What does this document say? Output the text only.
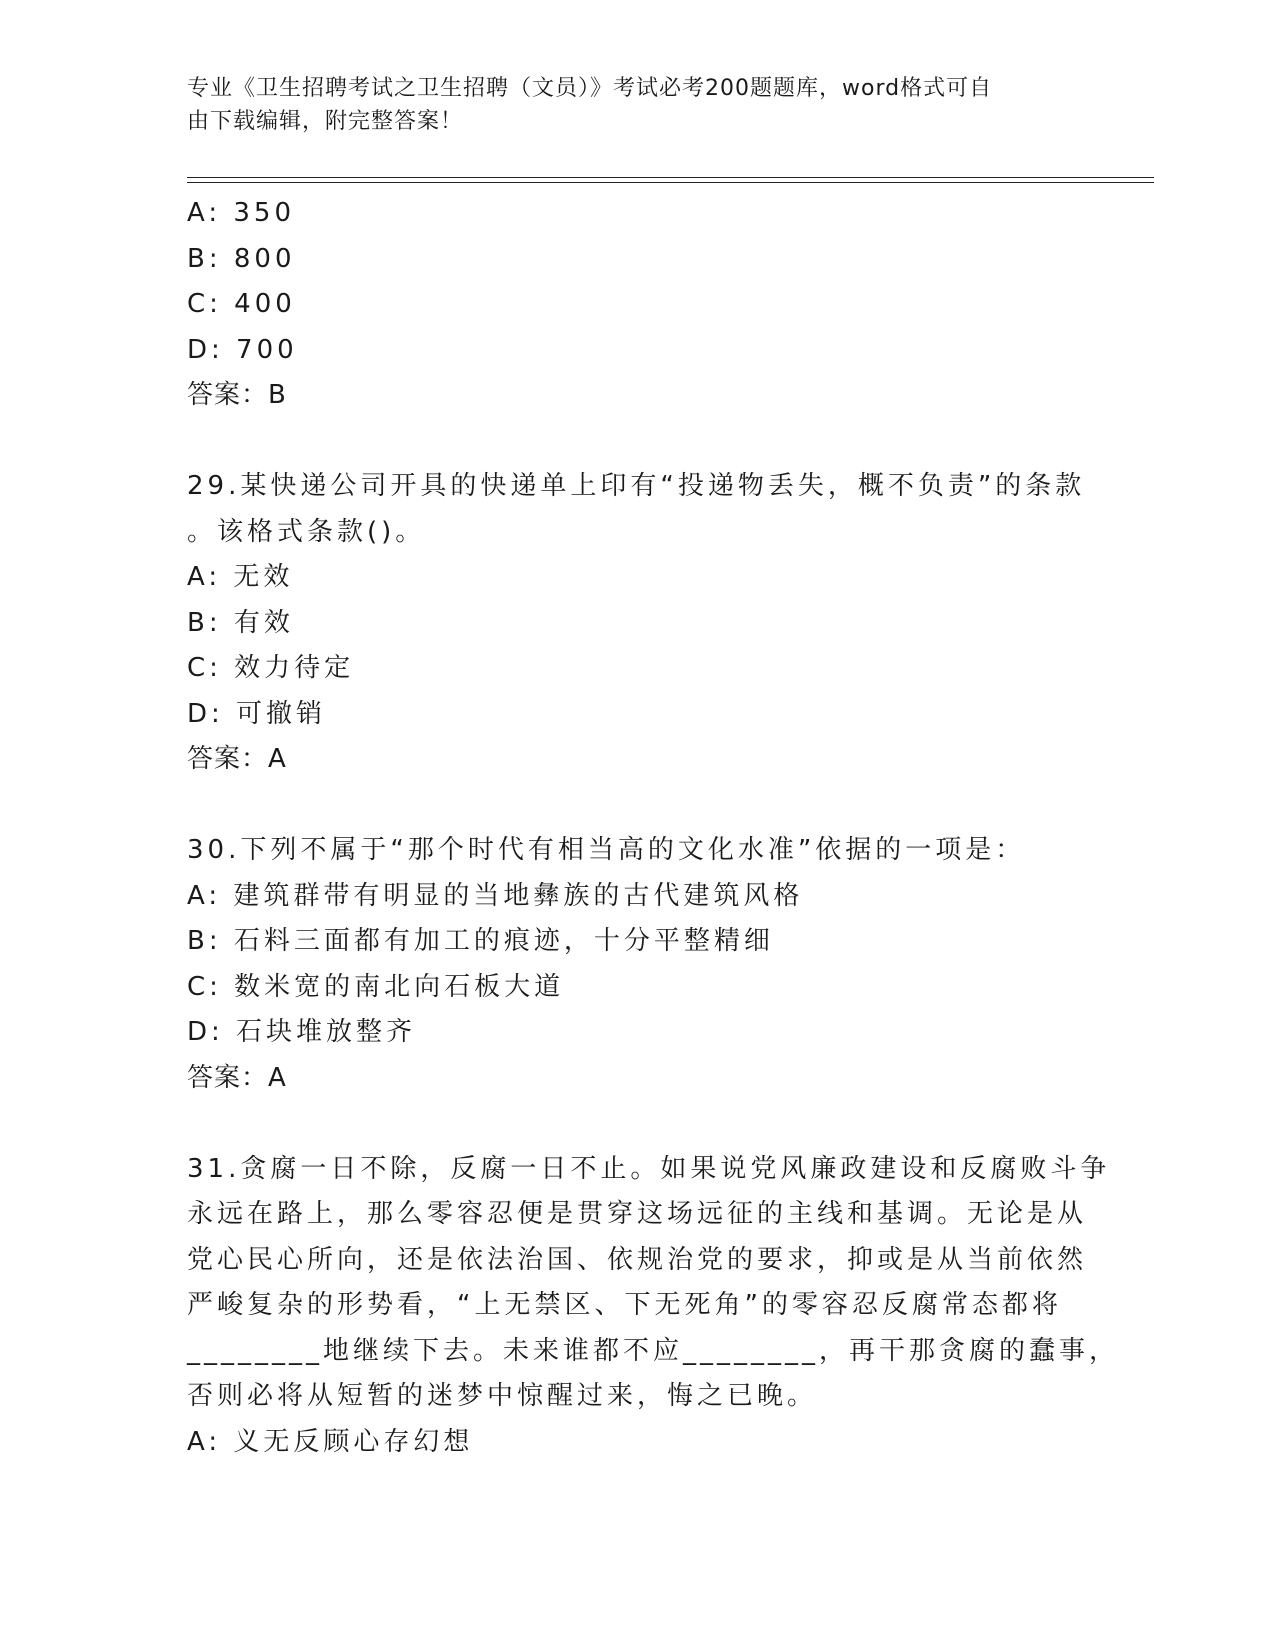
专业《卫生招聘考试之卫生招聘（文员）》考试必考200题题库，word格式可自
由下载编辑，附完整答案！
A: 350
B: 800
C: 400
D: 700
答案：B
29.某快递公司开具的快递单上印有“投递物丢失，概不负责”的条款
。该格式条款()。
A: 无效
B: 有效
C: 效力待定
D: 可撤销
答案：A
30.下列不属于“那个时代有相当高的文化水准”依据的一项是：
A: 建筑群带有明显的当地彝族的古代建筑风格
B: 石料三面都有加工的痕迹，十分平整精细
C: 数米宽的南北向石板大道
D: 石块堆放整齐
答案：A
31.贪腐一日不除，反腐一日不止。如果说党风廉政建设和反腐败斗争
永远在路上，那么零容忍便是贯穿这场远征的主线和基调。无论是从
党心民心所向，还是依法治国、依规治党的要求，抑或是从当前依然
严峻复杂的形势看，“上无禁区、下无死角”的零容忍反腐常态都将
________地继续下去。未来谁都不应________，再干那贪腐的蠢事，
否则必将从短暂的迷梦中惊醒过来，悔之已晚。
A: 义无反顾心存幻想
